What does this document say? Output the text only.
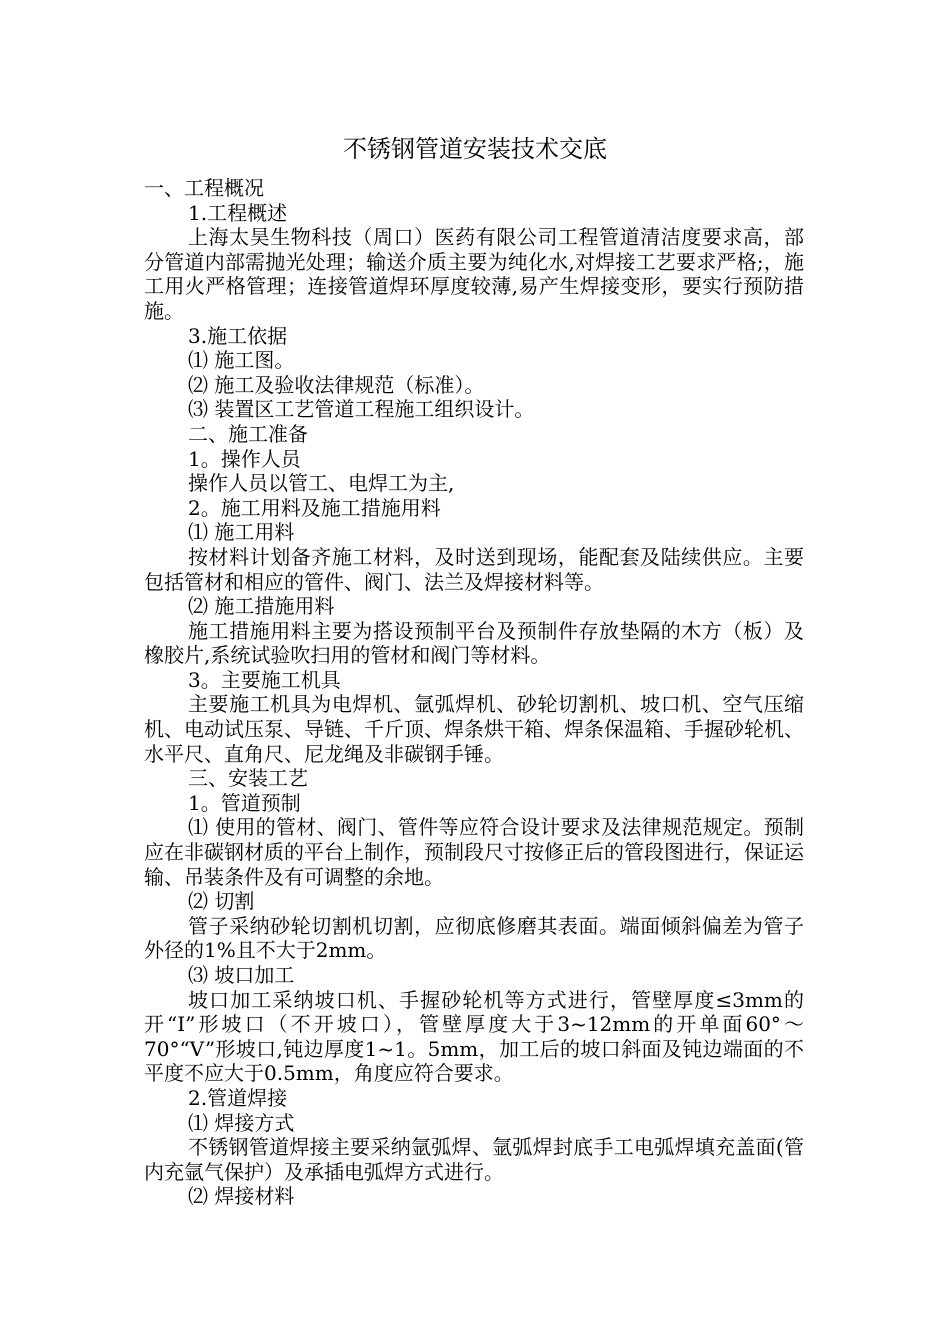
不锈钢管道安装技术交底

一、工程概况

1.工程概述

上海太昊生物科技（周口）医药有限公司工程管道清洁度要求高，部分管道内部需抛光处理；输送介质主要为纯化水,对焊接工艺要求严格;，施工用火严格管理；连接管道焊环厚度较薄,易产生焊接变形，要实行预防措施。

3.施工依据

⑴ 施工图。

⑵ 施工及验收法律规范（标准）。

⑶ 装置区工艺管道工程施工组织设计。

二、施工准备

1。操作人员

操作人员以管工、电焊工为主,

2。施工用料及施工措施用料

⑴ 施工用料

按材料计划备齐施工材料，及时送到现场，能配套及陆续供应。主要包括管材和相应的管件、阀门、法兰及焊接材料等。

⑵ 施工措施用料

施工措施用料主要为搭设预制平台及预制件存放垫隔的木方（板）及橡胶片,系统试验吹扫用的管材和阀门等材料。

3。主要施工机具

主要施工机具为电焊机、氩弧焊机、砂轮切割机、坡口机、空气压缩机、电动试压泵、导链、千斤顶、焊条烘干箱、焊条保温箱、手握砂轮机、水平尺、直角尺、尼龙绳及非碳钢手锤。

三、安装工艺

1。管道预制

⑴ 使用的管材、阀门、管件等应符合设计要求及法律规范规定。预制应在非碳钢材质的平台上制作，预制段尺寸按修正后的管段图进行，保证运输、吊装条件及有可调整的余地。

⑵ 切割

管子采纳砂轮切割机切割，应彻底修磨其表面。端面倾斜偏差为管子外径的1%且不大于2mm。

⑶ 坡口加工

坡口加工采纳坡口机、手握砂轮机等方式进行，管壁厚度≤3mm的开“I”形坡口（不开坡口），管壁厚度大于3~12mm的开单面60°～70°“V”形坡口,钝边厚度1~1。5mm，加工后的坡口斜面及钝边端面的不平度不应大于0.5mm，角度应符合要求。

2.管道焊接

⑴ 焊接方式

不锈钢管道焊接主要采纳氩弧焊、氩弧焊封底手工电弧焊填充盖面(管内充氩气保护）及承插电弧焊方式进行。

⑵ 焊接材料
